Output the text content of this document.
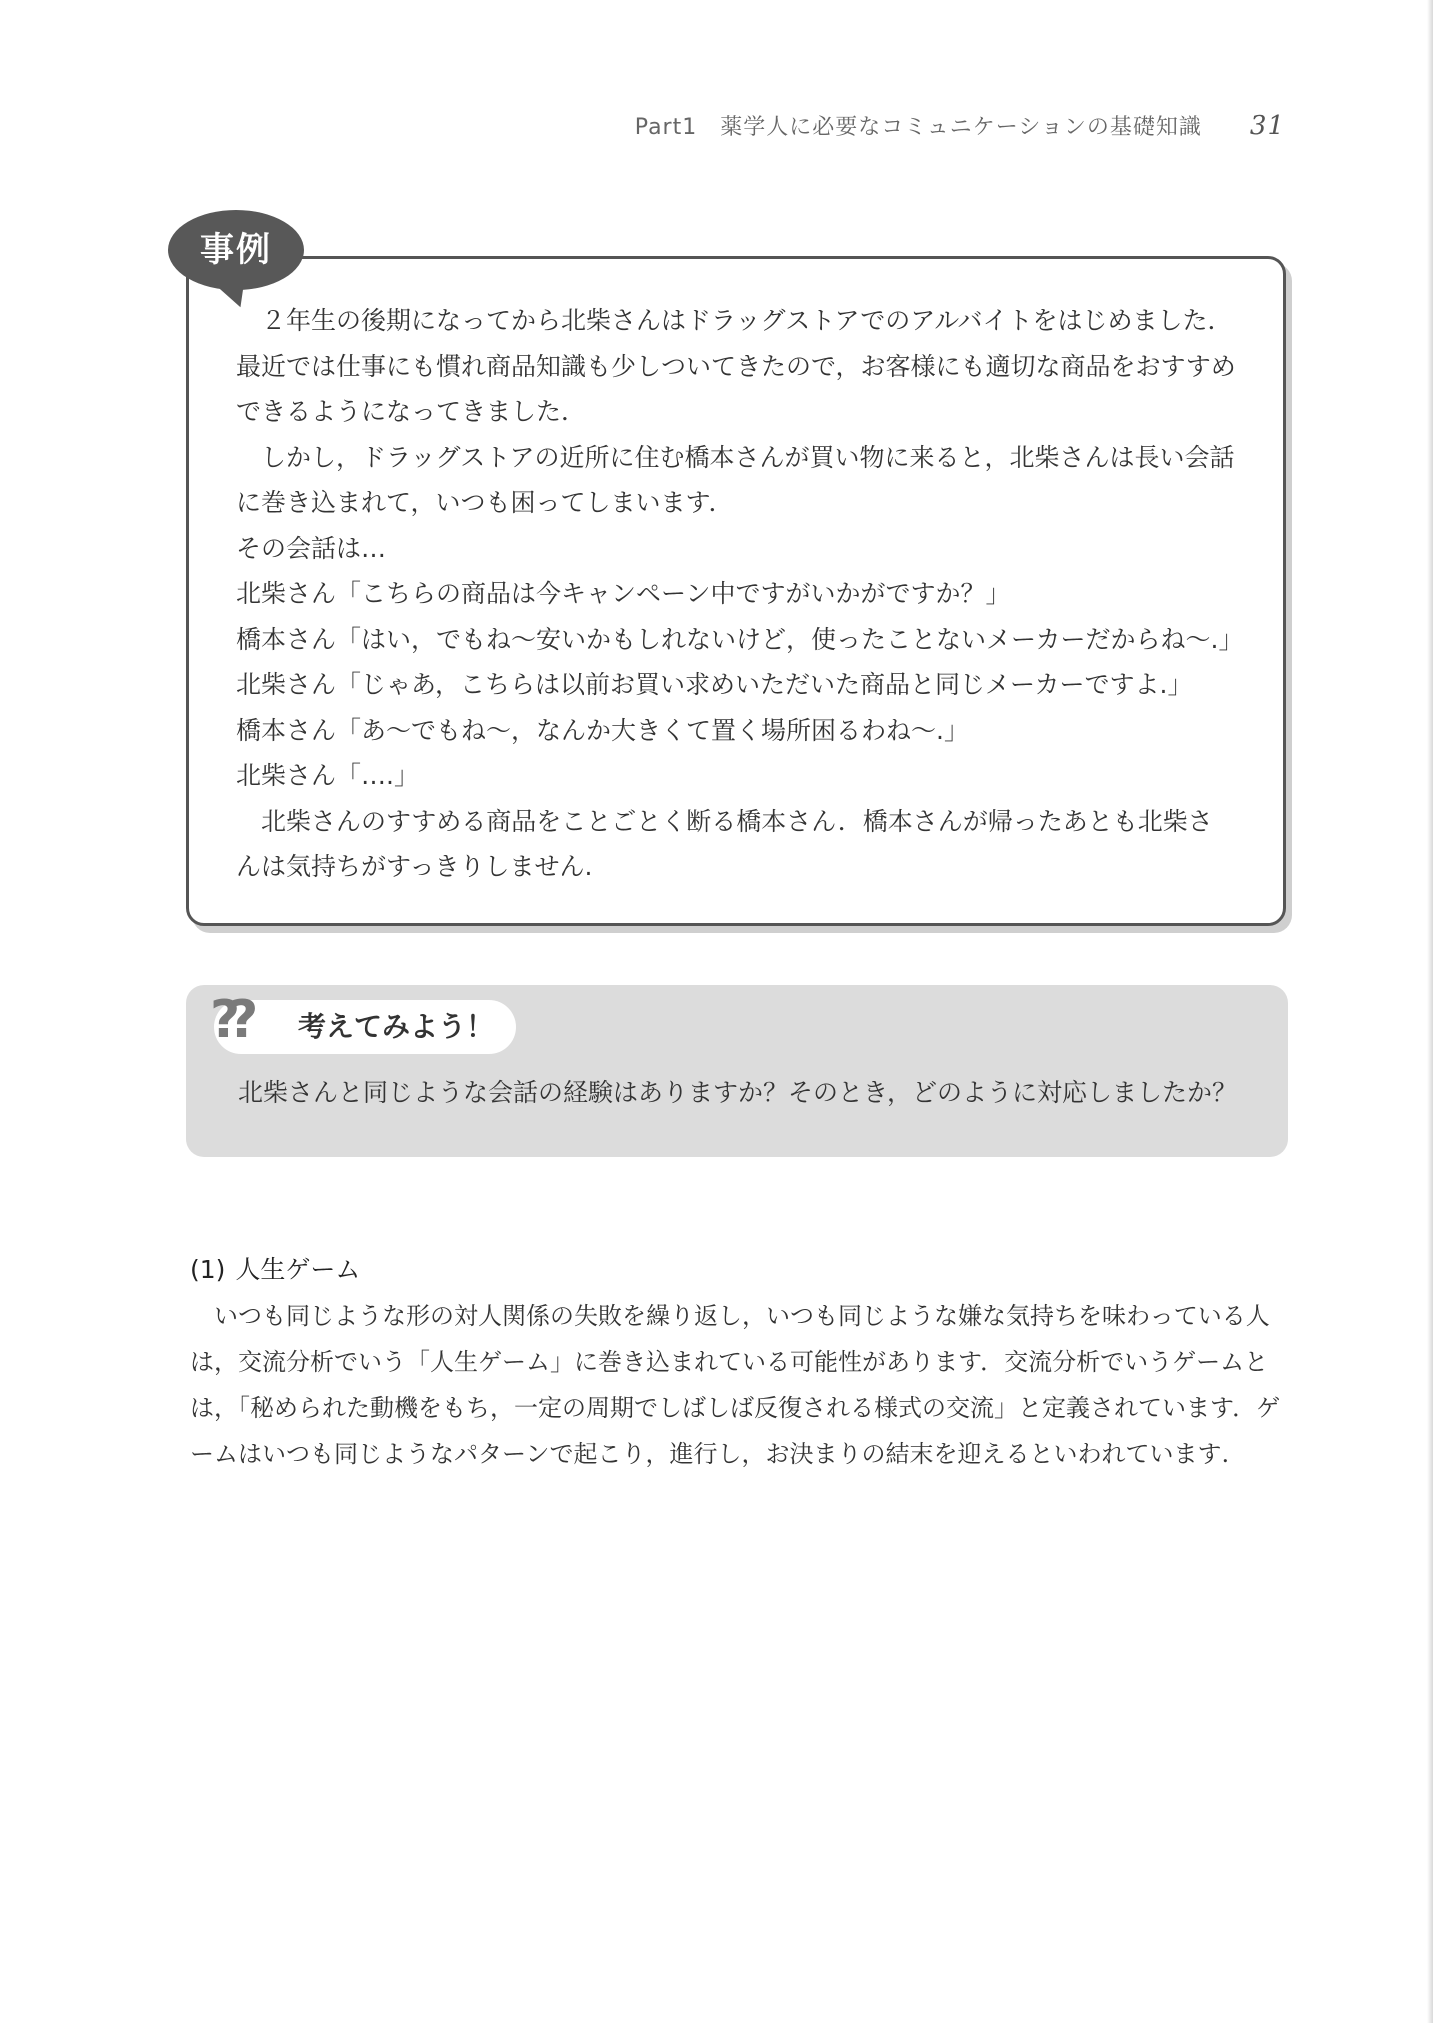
Part1　薬学人に必要なコミュニケーションの基礎知識 31
事例

２年生の後期になってから北柴さんはドラッグストアでのアルバイトをはじめました．最近では仕事にも慣れ商品知識も少しついてきたので，お客様にも適切な商品をおすすめできるようになってきました．

しかし，ドラッグストアの近所に住む橋本さんが買い物に来ると，北柴さんは長い会話に巻き込まれて，いつも困ってしまいます．

その会話は…

北柴さん「こちらの商品は今キャンペーン中ですがいかがですか？」

橋本さん「はい，でもね～安いかもしれないけど，使ったことないメーカーだからね～.」

北柴さん「じゃあ，こちらは以前お買い求めいただいた商品と同じメーカーですよ.」

橋本さん「あ～でもね～，なんか大きくて置く場所困るわね～.」

北柴さん「….」

北柴さんのすすめる商品をことごとく断る橋本さん．橋本さんが帰ったあとも北柴さんは気持ちがすっきりしません.

考えてみよう！
??
北柴さんと同じような会話の経験はありますか？そのとき，どのように対応しましたか？
(1) 人生ゲーム

いつも同じような形の対人関係の失敗を繰り返し，いつも同じような嫌な気持ちを味わっている人は，交流分析でいう「人生ゲーム」に巻き込まれている可能性があります．交流分析でいうゲームとは，「秘められた動機をもち，一定の周期でしばしば反復される様式の交流」と定義されています．ゲームはいつも同じようなパターンで起こり，進行し，お決まりの結末を迎えるといわれています.
